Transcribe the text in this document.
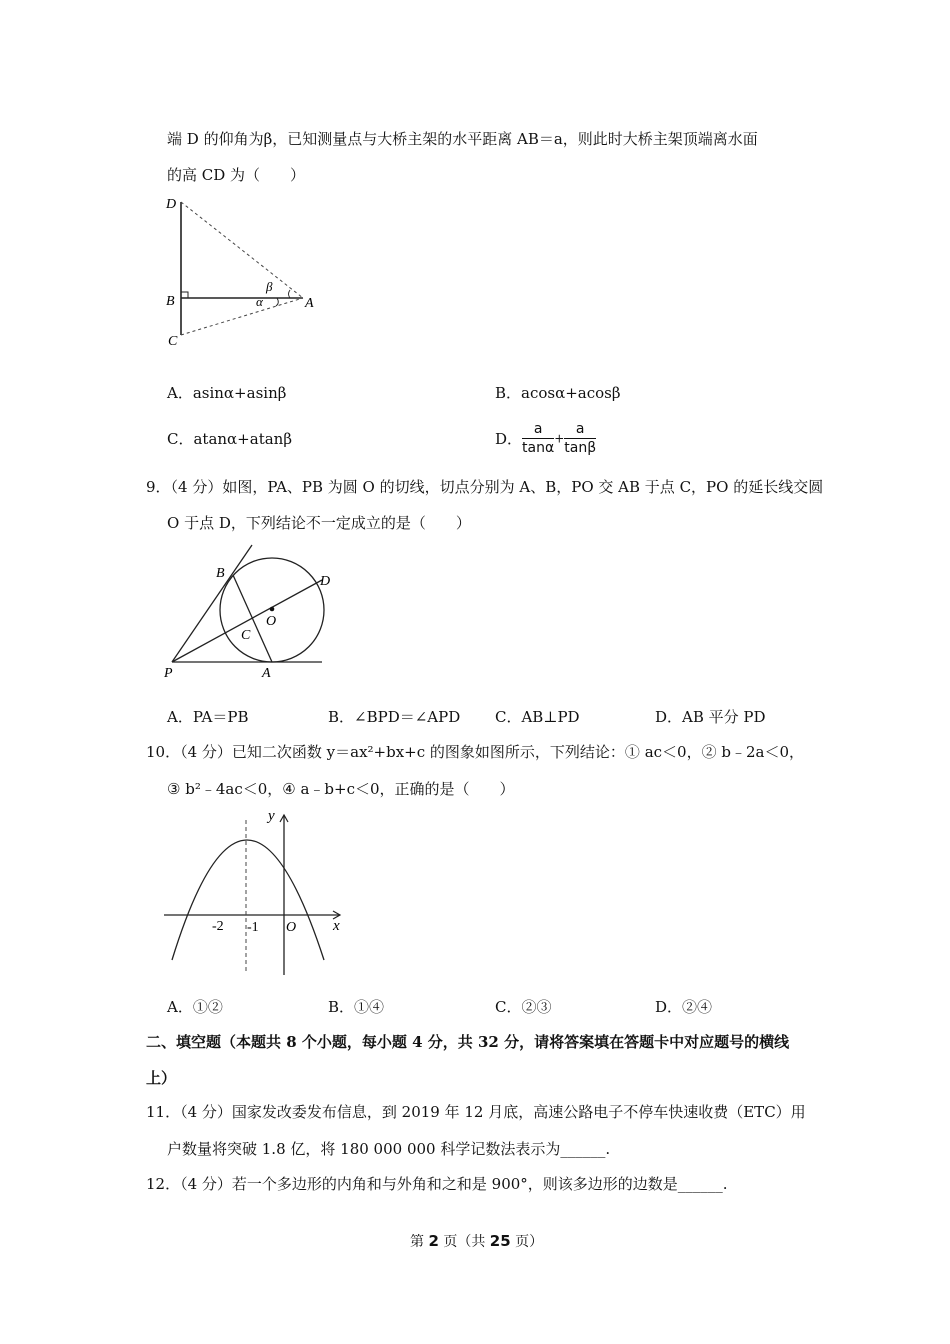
端 D 的仰角为β，已知测量点与大桥主架的水平距离 AB＝a，则此时大桥主架顶端离水面
的高 CD 为（　　）
D
B
C
A
α
β
A．asinα+asinβ	B．acosα+acosβ
C．atanα+atanβ	D． $\frac{a}{\tan\alpha} + \frac{a}{\tan\beta}$
9．（4 分）如图，PA、PB 为圆 O 的切线，切点分别为 A、B，PO 交 AB 于点 C，PO 的延长线交圆
O 于点 D，下列结论不一定成立的是（　　）
B
D
O
C
P	A
A．PA＝PB	B．∠BPD＝∠APD C．AB⊥PD	D．AB 平分 PD
10．（4 分）已知二次函数 y＝ax²+bx+c 的图象如图所示，下列结论：① ac＜0，② b﹣2a＜0，
③ b²﹣4ac＜0，④ a﹣b+c＜0，正确的是（　　）
y
x
O
-2 -1
A．①②	B．①④	C．②③	D．②④
二、填空题（本题共 8 个小题，每小题 4 分，共 32 分，请将答案填在答题卡中对应题号的横线
上）
11．（4 分）国家发改委发布信息，到 2019 年 12 月底，高速公路电子不停车快速收费（ETC）用
户数量将突破 1.8 亿，将 180 000 000 科学记数法表示为______.
12．（4 分）若一个多边形的内角和与外角和之和是 900°，则该多边形的边数是______.
第 2 页（共 25 页）
